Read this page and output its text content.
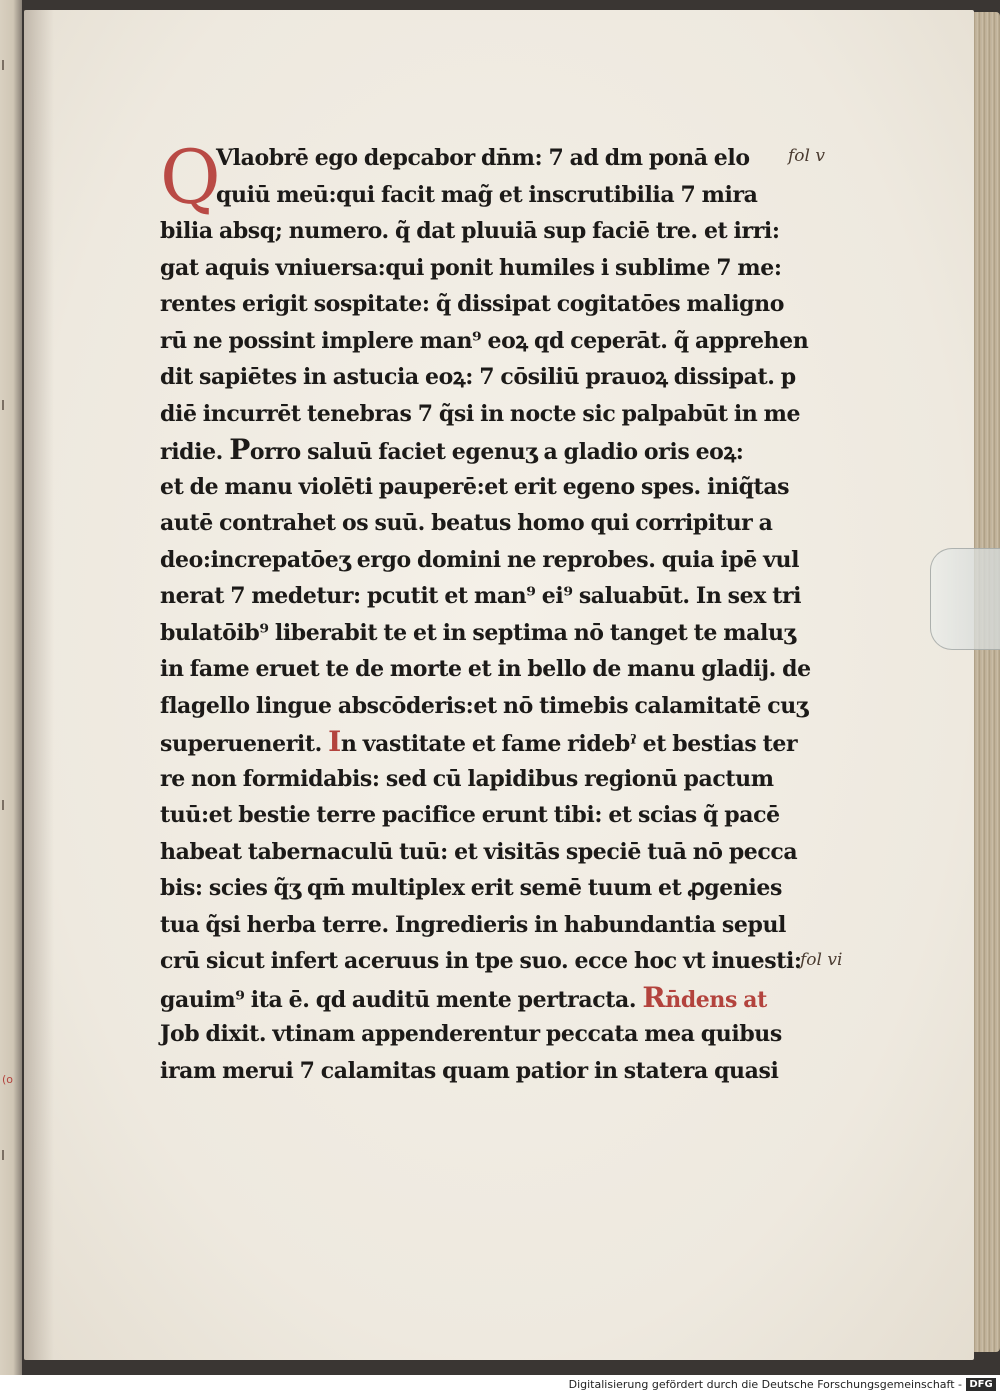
Q
Vlaobrē ego depcabor dn̄m: 7 ad dm ponā elo
quiū meū:qui facit mag̃ et inscrutibilia 7 mira
bilia absq; numero. q̃ dat pluuiā sup faciē tre. et irri:
gat aquis vniuersa:qui ponit humiles i sublime 7 me:
rentes erigit sospitate: q̃ dissipat cogitatōes maligno
rū ne possint implere man⁹ eoꝝ qd ceperāt. q̃ apprehen
dit sapiētes in astucia eoꝝ: 7 cōsiliū prauoꝝ dissipat. p
diē incurrēt tenebras 7 q̃si in nocte sic palpabūt in me
ridie. Porro saluū faciet egenuʒ a gladio oris eoꝝ:
et de manu violēti pauperē:et erit egeno spes. iniq̃tas
autē contrahet os suū. beatus homo qui corripitur a
deo:increpatōeʒ ergo domini ne reprobes. quia ipē vul
nerat 7 medetur: pcutit et man⁹ ei⁹ saluabūt. In sex tri
bulatōib⁹ liberabit te et in septima nō tanget te maluʒ
in fame eruet te de morte et in bello de manu gladij. de
flagello lingue abscōderis:et nō timebis calamitatē cuʒ
superuenerit. In vastitate et fame ridebˀ et bestias ter
re non formidabis: sed cū lapidibus regionū pactum
tuū:et bestie terre pacifice erunt tibi: et scias q̃ pacē
habeat tabernaculū tuū: et visitās speciē tuā nō pecca
bis: scies q̃ʒ qm̄ multiplex erit semē tuum et ꝓgenies
tua q̃si herba terre. Ingredieris in habundantia sepul
crū sicut infert aceruus in tpe suo. ecce hoc vt inuesti:
gauim⁹ ita ē. qd auditū mente pertracta. Rn̄dens at
Job dixit. vtinam appenderentur peccata mea quibus
iram merui 7 calamitas quam patior in statera quasi
fol v
fol vi
(o
Digitalisierung gefördert durch die Deutsche Forschungsgemeinschaft - DFG
